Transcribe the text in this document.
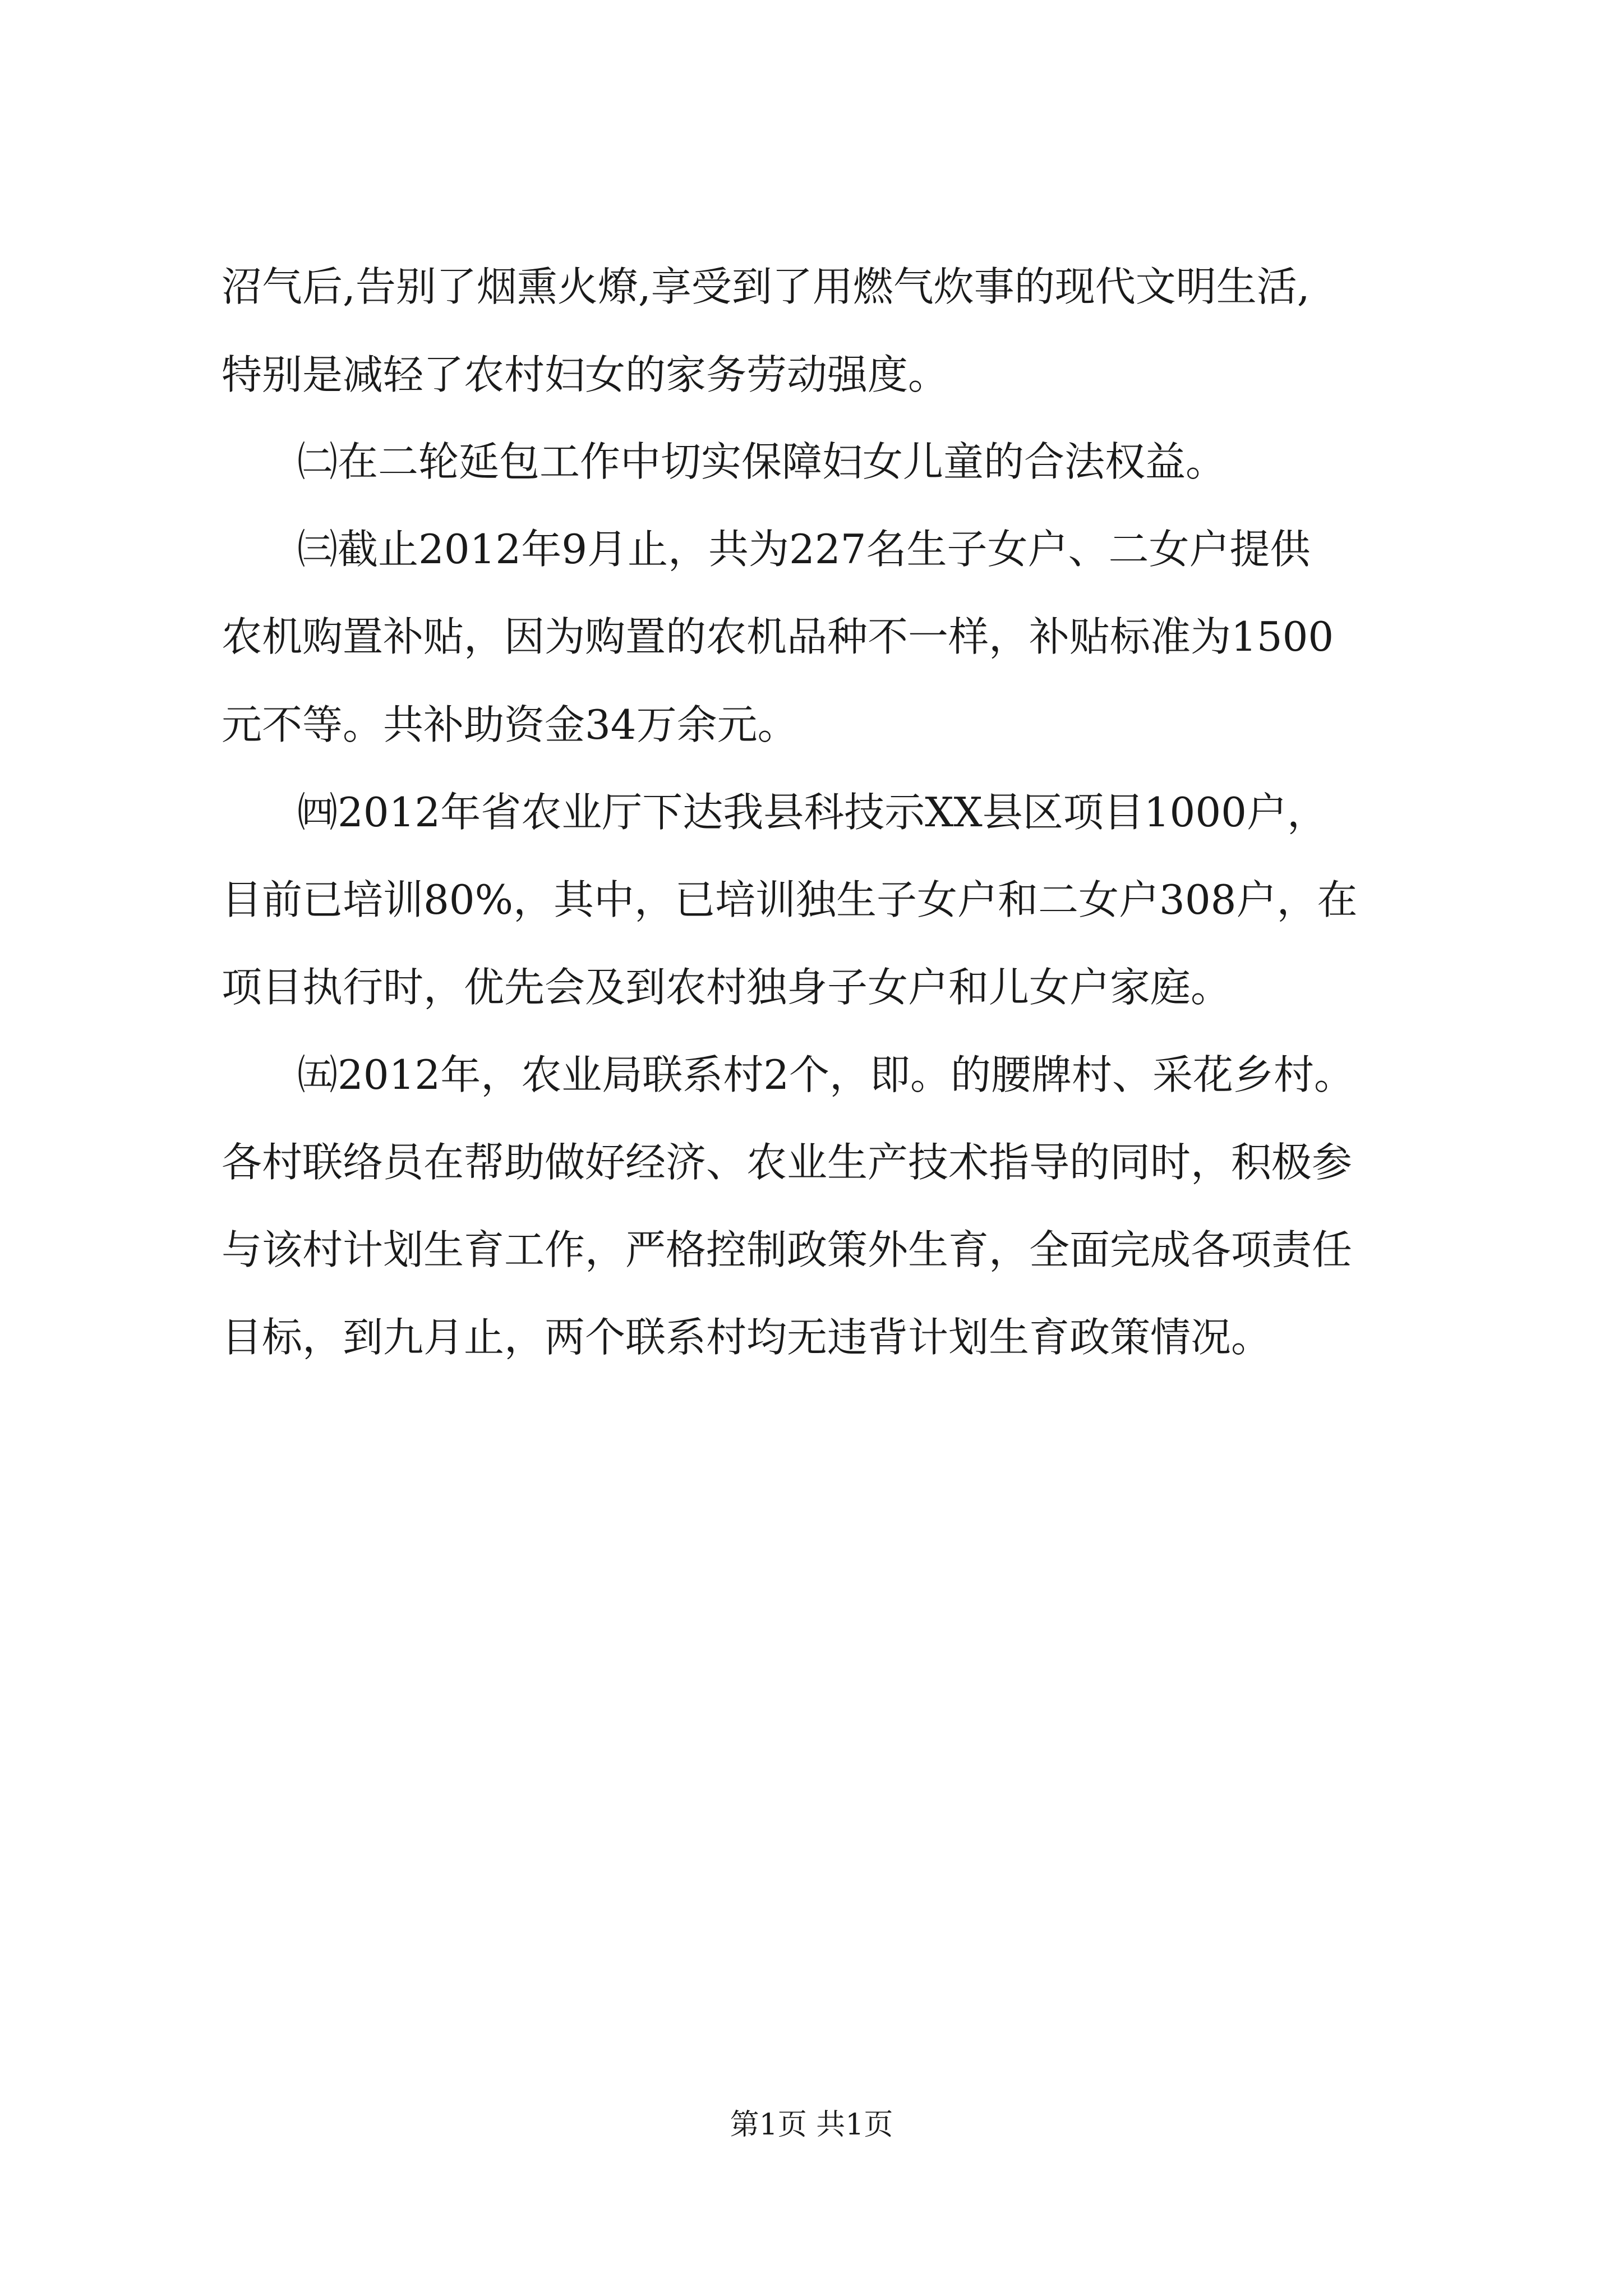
沼气后,告别了烟熏火燎,享受到了用燃气炊事的现代文明生活,
特别是减轻了农村妇女的家务劳动强度。
㈡在二轮延包工作中切实保障妇女儿童的合法权益。
㈢截止2012年9月止，共为227名生子女户、二女户提供
农机购置补贴，因为购置的农机品种不一样，补贴标准为1500
元不等。共补助资金34万余元。
㈣2012年省农业厅下达我县科技示XX县区项目1000户，
目前已培训80%，其中，已培训独生子女户和二女户308户，在
项目执行时，优先会及到农村独身子女户和儿女户家庭。
㈤2012年，农业局联系村2个，即。的腰牌村、采花乡村。
各村联络员在帮助做好经济、农业生产技术指导的同时，积极参
与该村计划生育工作，严格控制政策外生育，全面完成各项责任
目标，到九月止，两个联系村均无违背计划生育政策情况。
第1页 共1页
